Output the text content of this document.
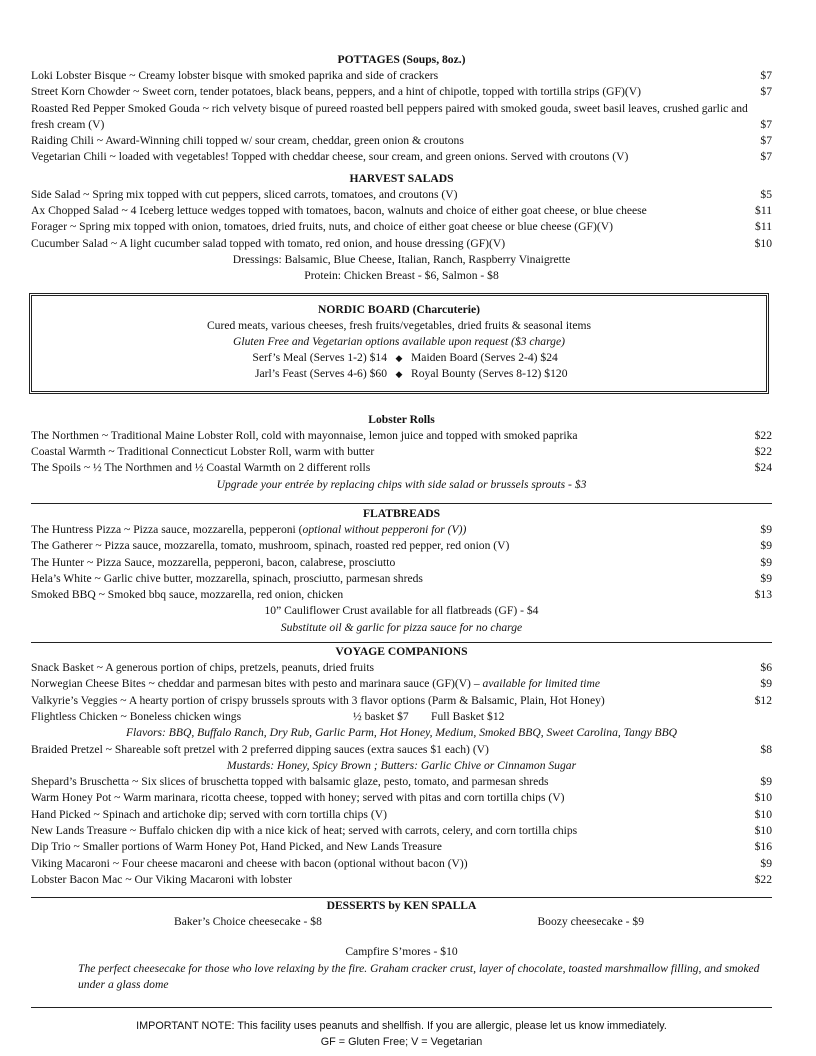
POTTAGES (Soups, 8oz.)
Loki Lobster Bisque ~ Creamy lobster bisque with smoked paprika and side of crackers	$7
Street Korn Chowder ~ Sweet corn, tender potatoes, black beans, peppers, and a hint of chipotle, topped with tortilla strips (GF)(V)	$7
Roasted Red Pepper Smoked Gouda ~ rich velvety bisque of pureed roasted bell peppers paired with smoked gouda, sweet basil leaves, crushed garlic and fresh cream (V)	$7
Raiding Chili ~ Award-Winning chili topped w/ sour cream, cheddar, green onion & croutons	$7
Vegetarian Chili ~ loaded with vegetables! Topped with cheddar cheese, sour cream, and green onions. Served with croutons (V)	$7
HARVEST SALADS
Side Salad ~ Spring mix topped with cut peppers, sliced carrots, tomatoes, and croutons (V)	$5
Ax Chopped Salad ~ 4 Iceberg lettuce wedges topped with tomatoes, bacon, walnuts and choice of either goat cheese, or blue cheese	$11
Forager ~ Spring mix topped with onion, tomatoes, dried fruits, nuts, and choice of either goat cheese or blue cheese (GF)(V)	$11
Cucumber Salad ~ A light cucumber salad topped with tomato, red onion, and house dressing (GF)(V)	$10
Dressings: Balsamic, Blue Cheese, Italian, Ranch, Raspberry Vinaigrette
Protein: Chicken Breast - $6, Salmon - $8
NORDIC BOARD (Charcuterie)
Cured meats, various cheeses, fresh fruits/vegetables, dried fruits & seasonal items
Gluten Free and Vegetarian options available upon request ($3 charge)
Serf’s Meal (Serves 1-2) $14 ◆ Maiden Board (Serves 2-4) $24
Jarl’s Feast (Serves 4-6) $60 ◆ Royal Bounty (Serves 8-12) $120
Lobster Rolls
The Northmen ~ Traditional Maine Lobster Roll, cold with mayonnaise, lemon juice and topped with smoked paprika	$22
Coastal Warmth ~ Traditional Connecticut Lobster Roll, warm with butter	$22
The Spoils ~ ½ The Northmen and ½ Coastal Warmth on 2 different rolls	$24
Upgrade your entrée by replacing chips with side salad or brussels sprouts - $3
FLATBREADS
The Huntress Pizza ~ Pizza sauce, mozzarella, pepperoni (optional without pepperoni for (V))	$9
The Gatherer ~ Pizza sauce, mozzarella, tomato, mushroom, spinach, roasted red pepper, red onion (V)	$9
The Hunter ~ Pizza Sauce, mozzarella, pepperoni, bacon, calabrese, prosciutto	$9
Hela’s White ~ Garlic chive butter, mozzarella, spinach, prosciutto, parmesan shreds	$9
Smoked BBQ ~ Smoked bbq sauce, mozzarella, red onion, chicken	$13
10” Cauliflower Crust available for all flatbreads (GF) - $4
Substitute oil & garlic for pizza sauce for no charge
VOYAGE COMPANIONS
Snack Basket ~ A generous portion of chips, pretzels, peanuts, dried fruits	$6
Norwegian Cheese Bites ~ cheddar and parmesan bites with pesto and marinara sauce (GF)(V) – available for limited time	$9
Valkyrie’s Veggies ~ A hearty portion of crispy brussels sprouts with 3 flavor options (Parm & Balsamic, Plain, Hot Honey)	$12
Flightless Chicken ~ Boneless chicken wings	½ basket $7	Full Basket $12
Flavors: BBQ, Buffalo Ranch, Dry Rub, Garlic Parm, Hot Honey, Medium, Smoked BBQ, Sweet Carolina, Tangy BBQ
Braided Pretzel ~ Shareable soft pretzel with 2 preferred dipping sauces (extra sauces $1 each) (V)	$8
Mustards: Honey, Spicy Brown ; Butters: Garlic Chive or Cinnamon Sugar
Shepard’s Bruschetta ~ Six slices of bruschetta topped with balsamic glaze, pesto, tomato, and parmesan shreds	$9
Warm Honey Pot ~ Warm marinara, ricotta cheese, topped with honey; served with pitas and corn tortilla chips (V)	$10
Hand Picked ~ Spinach and artichoke dip; served with corn tortilla chips (V)	$10
New Lands Treasure ~ Buffalo chicken dip with a nice kick of heat; served with carrots, celery, and corn tortilla chips	$10
Dip Trio ~ Smaller portions of Warm Honey Pot, Hand Picked, and New Lands Treasure	$16
Viking Macaroni ~ Four cheese macaroni and cheese with bacon (optional without bacon (V))	$9
Lobster Bacon Mac ~ Our Viking Macaroni with lobster	$22
DESSERTS by KEN SPALLA
Baker’s Choice cheesecake - $8	Boozy cheesecake - $9
Campfire S’mores - $10
The perfect cheesecake for those who love relaxing by the fire. Graham cracker crust, layer of chocolate, toasted marshmallow filling, and smoked under a glass dome
IMPORTANT NOTE: This facility uses peanuts and shellfish. If you are allergic, please let us know immediately.
GF = Gluten Free; V = Vegetarian
